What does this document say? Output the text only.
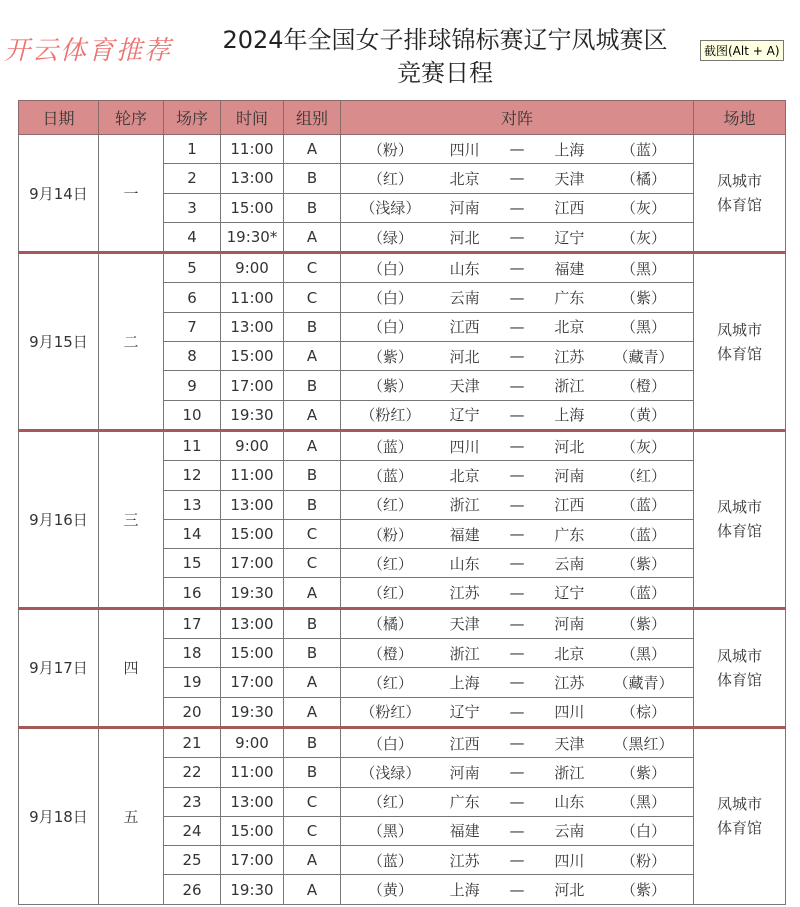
2024年全国女子排球锦标赛辽宁凤城赛区
竞赛日程
日期	轮序	场序	时间	组别	对阵	场地
9月14日	一	1	11:00	A	（粉） 四川 — 上海 （蓝）	凤城市体育馆

		2	13:00	B	（红） 北京 — 天津 （橘）	

		3	15:00	B	（浅绿） 河南 — 江西 （灰）	

		4	19:30*	A	（绿） 河北 — 辽宁 （灰）	

9月15日	二	5	9:00	C	（白） 山东 — 福建 （黑）	凤城市体育馆

		6	11:00	C	（白） 云南 — 广东 （紫）	

		7	13:00	B	（白） 江西 — 北京 （黑）	

		8	15:00	A	（紫） 河北 — 江苏 （藏青）	

		9	17:00	B	（紫） 天津 — 浙江 （橙）	

		10	19:30	A	（粉红） 辽宁 — 上海 （黄）	

9月16日	三	11	9:00	A	（蓝） 四川 — 河北 （灰）	凤城市体育馆

		12	11:00	B	（蓝） 北京 — 河南 （红）	

		13	13:00	B	（红） 浙江 — 江西 （蓝）	

		14	15:00	C	（粉） 福建 — 广东 （蓝）	

		15	17:00	C	（红） 山东 — 云南 （紫）	

		16	19:30	A	（红） 江苏 — 辽宁 （蓝）	

9月17日	四	17	13:00	B	（橘） 天津 — 河南 （紫）	凤城市体育馆

		18	15:00	B	（橙） 浙江 — 北京 （黑）	

		19	17:00	A	（红） 上海 — 江苏 （藏青）	

		20	19:30	A	（粉红） 辽宁 — 四川 （棕）	

9月18日	五	21	9:00	B	（白） 江西 — 天津 （黑红）	凤城市体育馆

		22	11:00	B	（浅绿） 河南 — 浙江 （紫）	

		23	13:00	C	（红） 广东 — 山东 （黑）	

		24	15:00	C	（黑） 福建 — 云南 （白）	

		25	17:00	A	（蓝） 江苏 — 四川 （粉）	

		26	19:30	A	（黄） 上海 — 河北 （紫）	
截图(Alt + A)
开云体育推荐
